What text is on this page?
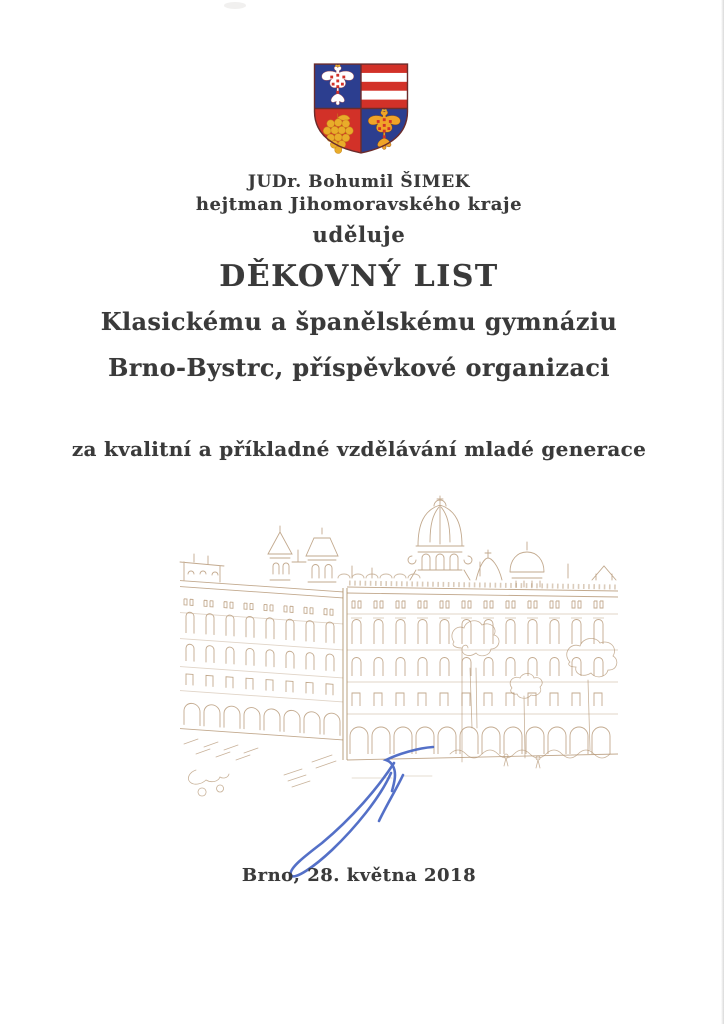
JUDr. Bohumil ŠIMEK
hejtman Jihomoravského kraje
uděluje
DĚKOVNÝ LIST
Klasickému a španělskému gymnáziu
Brno-Bystrc, příspěvkové organizaci
za kvalitní a příkladné vzdělávání mladé generace
Brno, 28. května 2018
